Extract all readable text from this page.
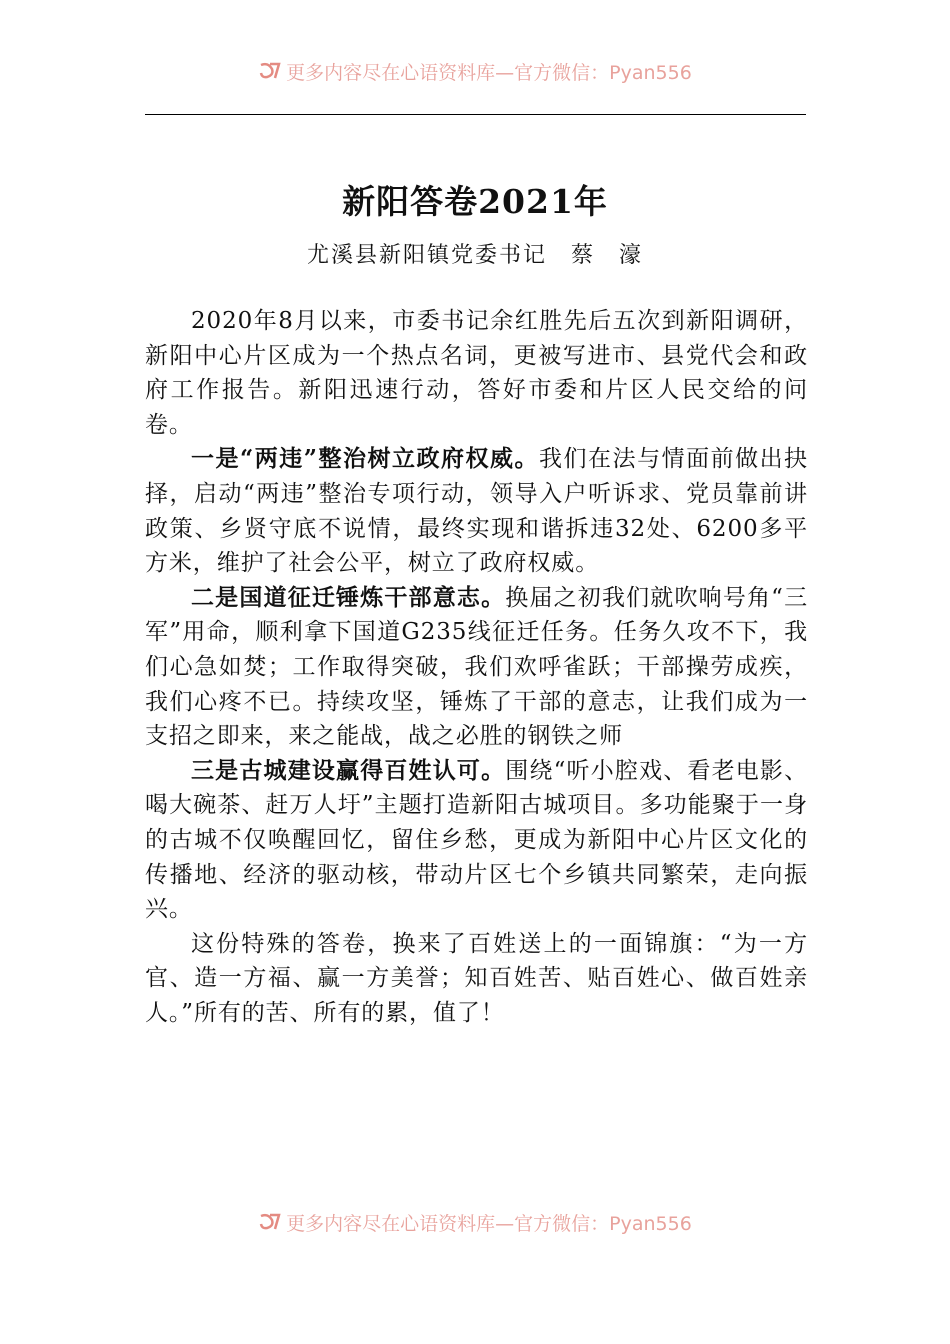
更多内容尽在心语资料库—官方微信：Pyan556
新阳答卷2021年
尤溪县新阳镇党委书记　蔡　濠

2020年8月以来，市委书记余红胜先后五次到新阳调研，新阳中心片区成为一个热点名词，更被写进市、县党代会和政府工作报告。新阳迅速行动，答好市委和片区人民交给的问卷。

一是“两违”整治树立政府权威。我们在法与情面前做出抉择，启动“两违”整治专项行动，领导入户听诉求、党员靠前讲政策、乡贤守底不说情，最终实现和谐拆违32处、6200多平方米，维护了社会公平，树立了政府权威。

二是国道征迁锤炼干部意志。换届之初我们就吹响号角“三军”用命，顺利拿下国道G235线征迁任务。任务久攻不下，我们心急如焚；工作取得突破，我们欢呼雀跃；干部操劳成疾，我们心疼不已。持续攻坚，锤炼了干部的意志，让我们成为一支招之即来，来之能战，战之必胜的钢铁之师

三是古城建设赢得百姓认可。围绕“听小腔戏、看老电影、喝大碗茶、赶万人圩”主题打造新阳古城项目。多功能聚于一身的古城不仅唤醒回忆，留住乡愁，更成为新阳中心片区文化的传播地、经济的驱动核，带动片区七个乡镇共同繁荣，走向振兴。

这份特殊的答卷，换来了百姓送上的一面锦旗：“为一方官、造一方福、赢一方美誉；知百姓苦、贴百姓心、做百姓亲人。”所有的苦、所有的累，值了！

更多内容尽在心语资料库—官方微信：Pyan556
